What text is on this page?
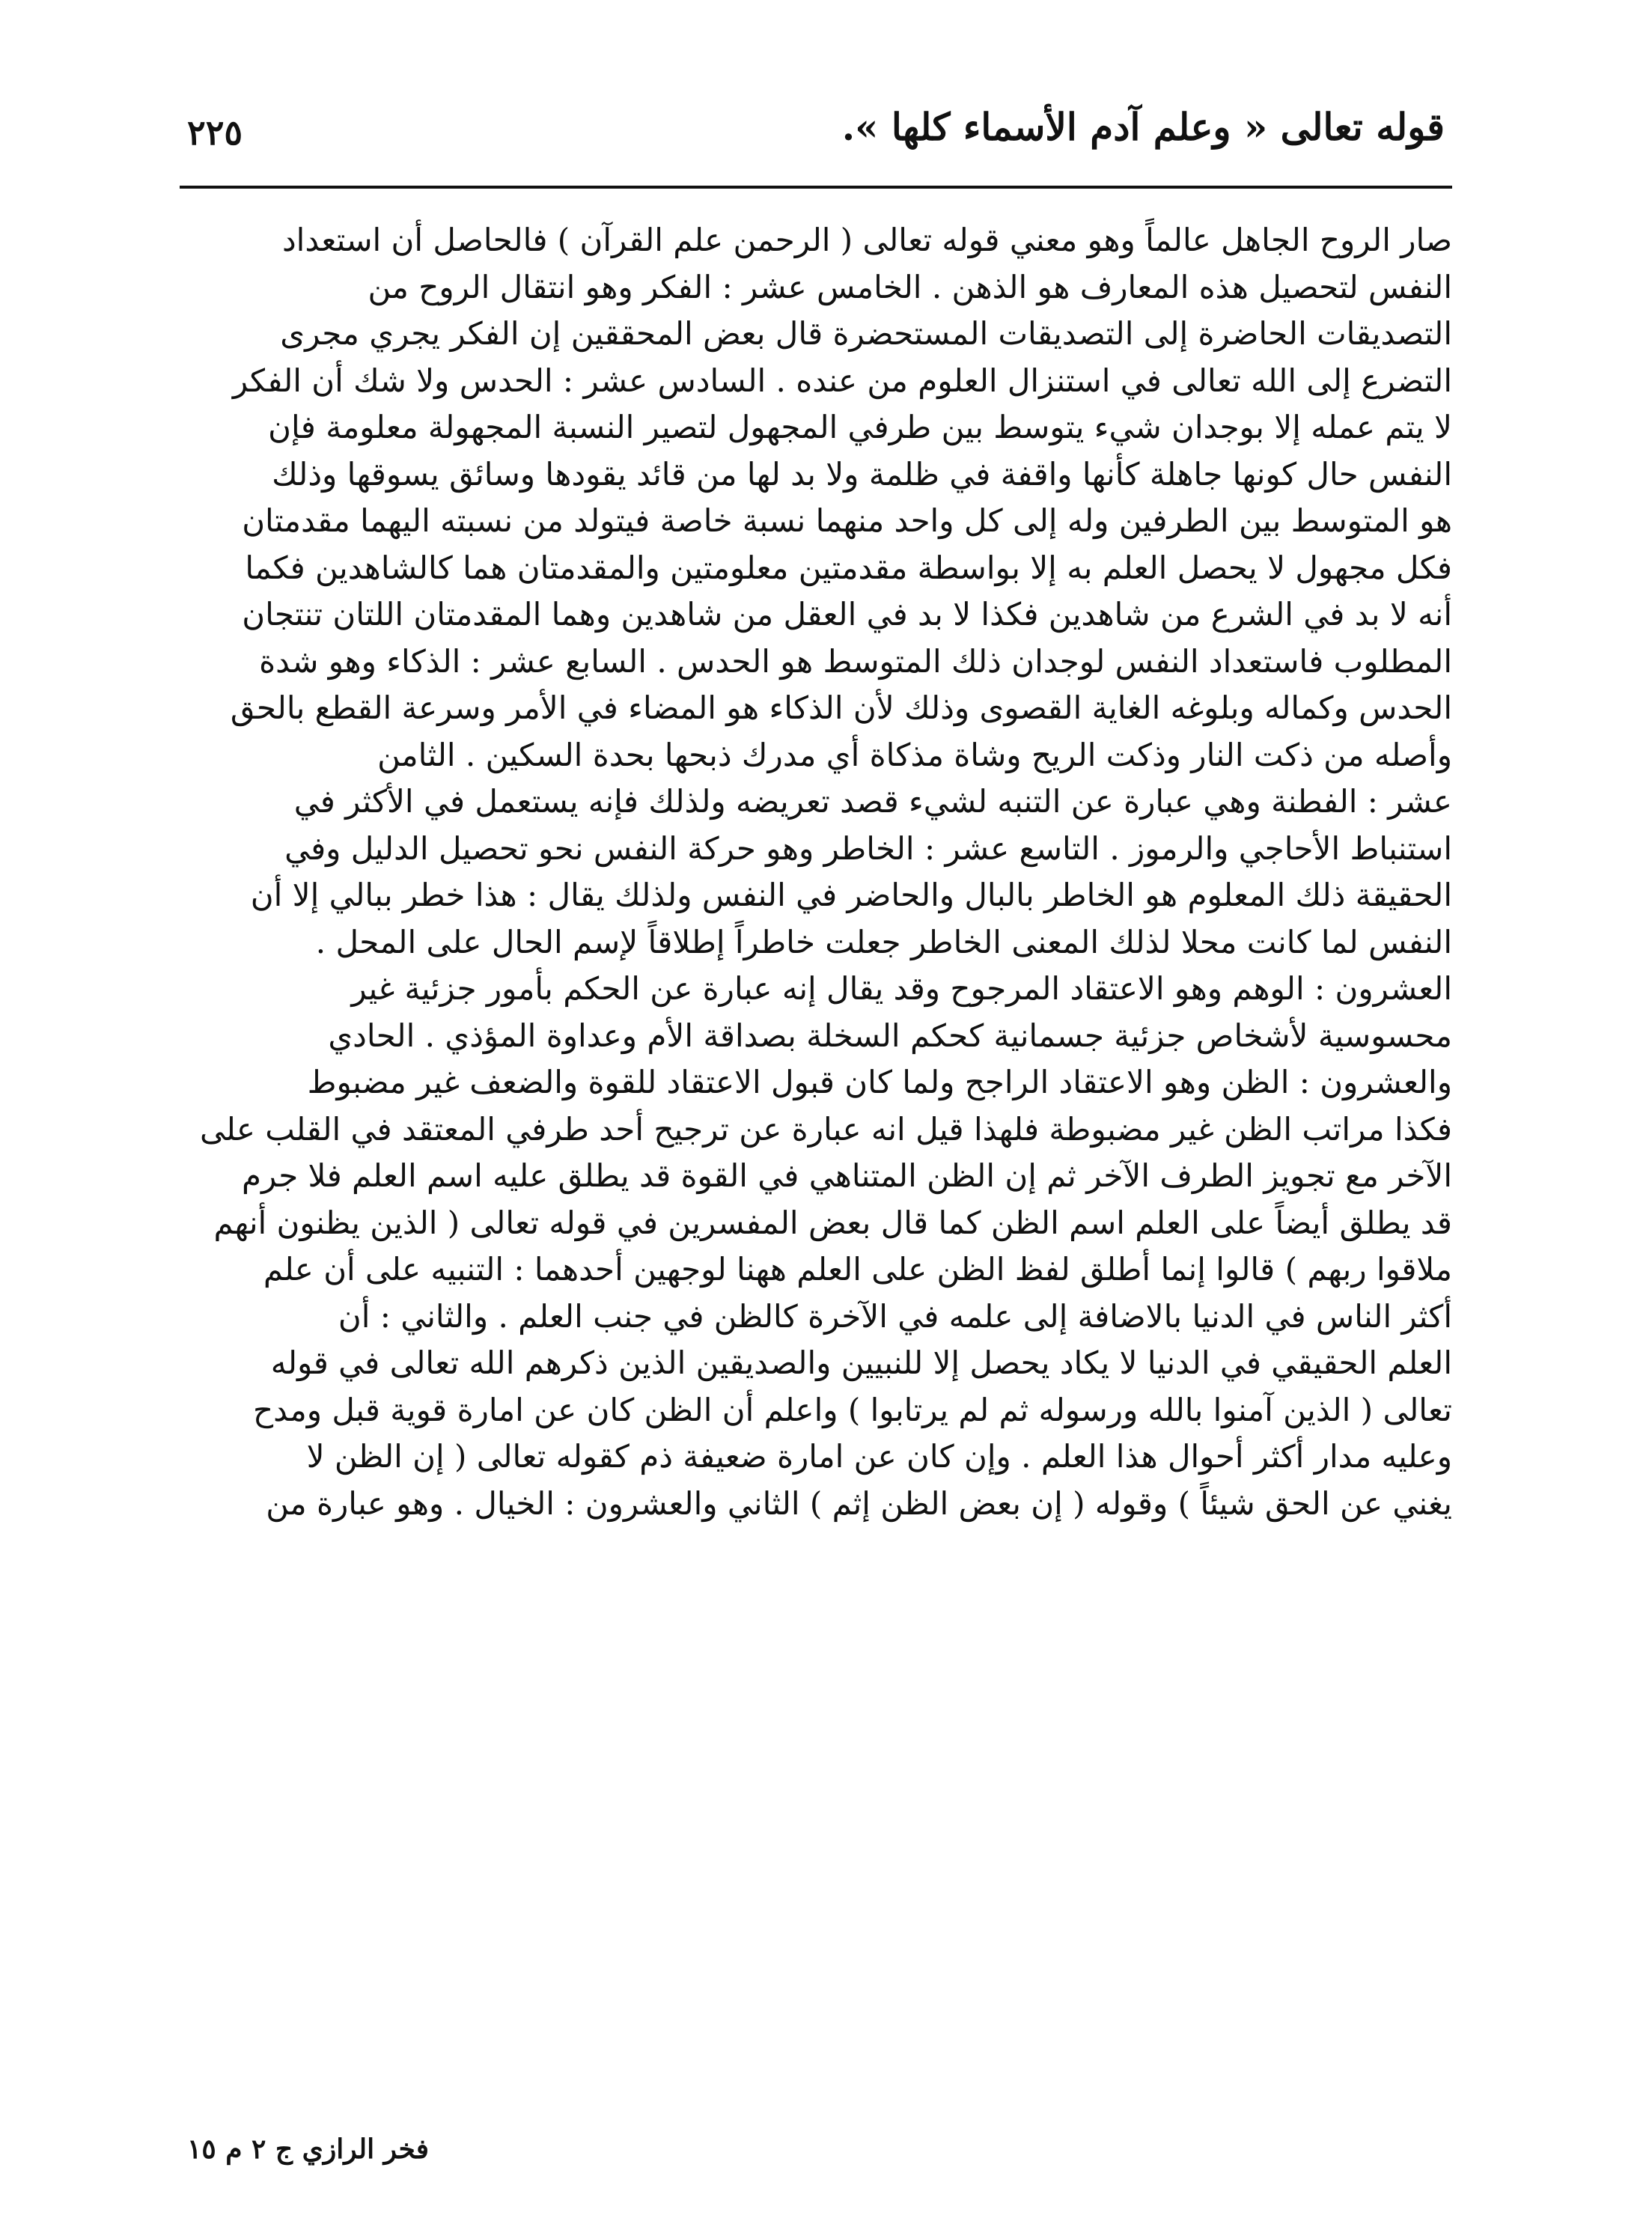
قوله تعالى « وعلم آدم الأسماء كلها ».
٢٢٥
صار الروح الجاهل عالماً وهو معني قوله تعالى ( الرحمن علم القرآن ) فالحاصل أن استعداد
النفس لتحصيل هذه المعارف هو الذهن . الخامس عشر : الفكر وهو انتقال الروح من
التصديقات الحاضرة إلى التصديقات المستحضرة قال بعض المحققين إن الفكر يجري مجرى
التضرع إلى الله تعالى في استنزال العلوم من عنده . السادس عشر : الحدس ولا شك أن الفكر
لا يتم عمله إلا بوجدان شيء يتوسط بين طرفي المجهول لتصير النسبة المجهولة معلومة فإن
النفس حال كونها جاهلة كأنها واقفة في ظلمة ولا بد لها من قائد يقودها وسائق يسوقها وذلك
هو المتوسط بين الطرفين وله إلى كل واحد منهما نسبة خاصة فيتولد من نسبته اليهما مقدمتان
فكل مجهول لا يحصل العلم به إلا بواسطة مقدمتين معلومتين والمقدمتان هما كالشاهدين فكما
أنه لا بد في الشرع من شاهدين فكذا لا بد في العقل من شاهدين وهما المقدمتان اللتان تنتجان
المطلوب فاستعداد النفس لوجدان ذلك المتوسط هو الحدس . السابع عشر : الذكاء وهو شدة
الحدس وكماله وبلوغه الغاية القصوى وذلك لأن الذكاء هو المضاء في الأمر وسرعة القطع بالحق
وأصله من ذكت النار وذكت الريح وشاة مذكاة أي مدرك ذبحها بحدة السكين . الثامن
عشر : الفطنة وهي عبارة عن التنبه لشيء قصد تعريضه ولذلك فإنه يستعمل في الأكثر في
استنباط الأحاجي والرموز . التاسع عشر : الخاطر وهو حركة النفس نحو تحصيل الدليل وفي
الحقيقة ذلك المعلوم هو الخاطر بالبال والحاضر في النفس ولذلك يقال : هذا خطر ببالي إلا أن
النفس لما كانت محلا لذلك المعنى الخاطر جعلت خاطراً إطلاقاً لإسم الحال على المحل .
العشرون : الوهم وهو الاعتقاد المرجوح وقد يقال إنه عبارة عن الحكم بأمور جزئية غير
محسوسية لأشخاص جزئية جسمانية كحكم السخلة بصداقة الأم وعداوة المؤذي . الحادي
والعشرون : الظن وهو الاعتقاد الراجح ولما كان قبول الاعتقاد للقوة والضعف غير مضبوط
فكذا مراتب الظن غير مضبوطة فلهذا قيل انه عبارة عن ترجيح أحد طرفي المعتقد في القلب على
الآخر مع تجويز الطرف الآخر ثم إن الظن المتناهي في القوة قد يطلق عليه اسم العلم فلا جرم
قد يطلق أيضاً على العلم اسم الظن كما قال بعض المفسرين في قوله تعالى ( الذين يظنون أنهم
ملاقوا ربهم ) قالوا إنما أطلق لفظ الظن على العلم ههنا لوجهين أحدهما : التنبيه على أن علم
أكثر الناس في الدنيا بالاضافة إلى علمه في الآخرة كالظن في جنب العلم . والثاني : أن
العلم الحقيقي في الدنيا لا يكاد يحصل إلا للنبيين والصديقين الذين ذكرهم الله تعالى في قوله
تعالى ( الذين آمنوا بالله ورسوله ثم لم يرتابوا ) واعلم أن الظن كان عن امارة قوية قبل ومدح
وعليه مدار أكثر أحوال هذا العلم . وإن كان عن امارة ضعيفة ذم كقوله تعالى ( إن الظن لا
يغني عن الحق شيئاً ) وقوله ( إن بعض الظن إثم ) الثاني والعشرون : الخيال . وهو عبارة من
فخر الرازي ج ٢ م ١٥
